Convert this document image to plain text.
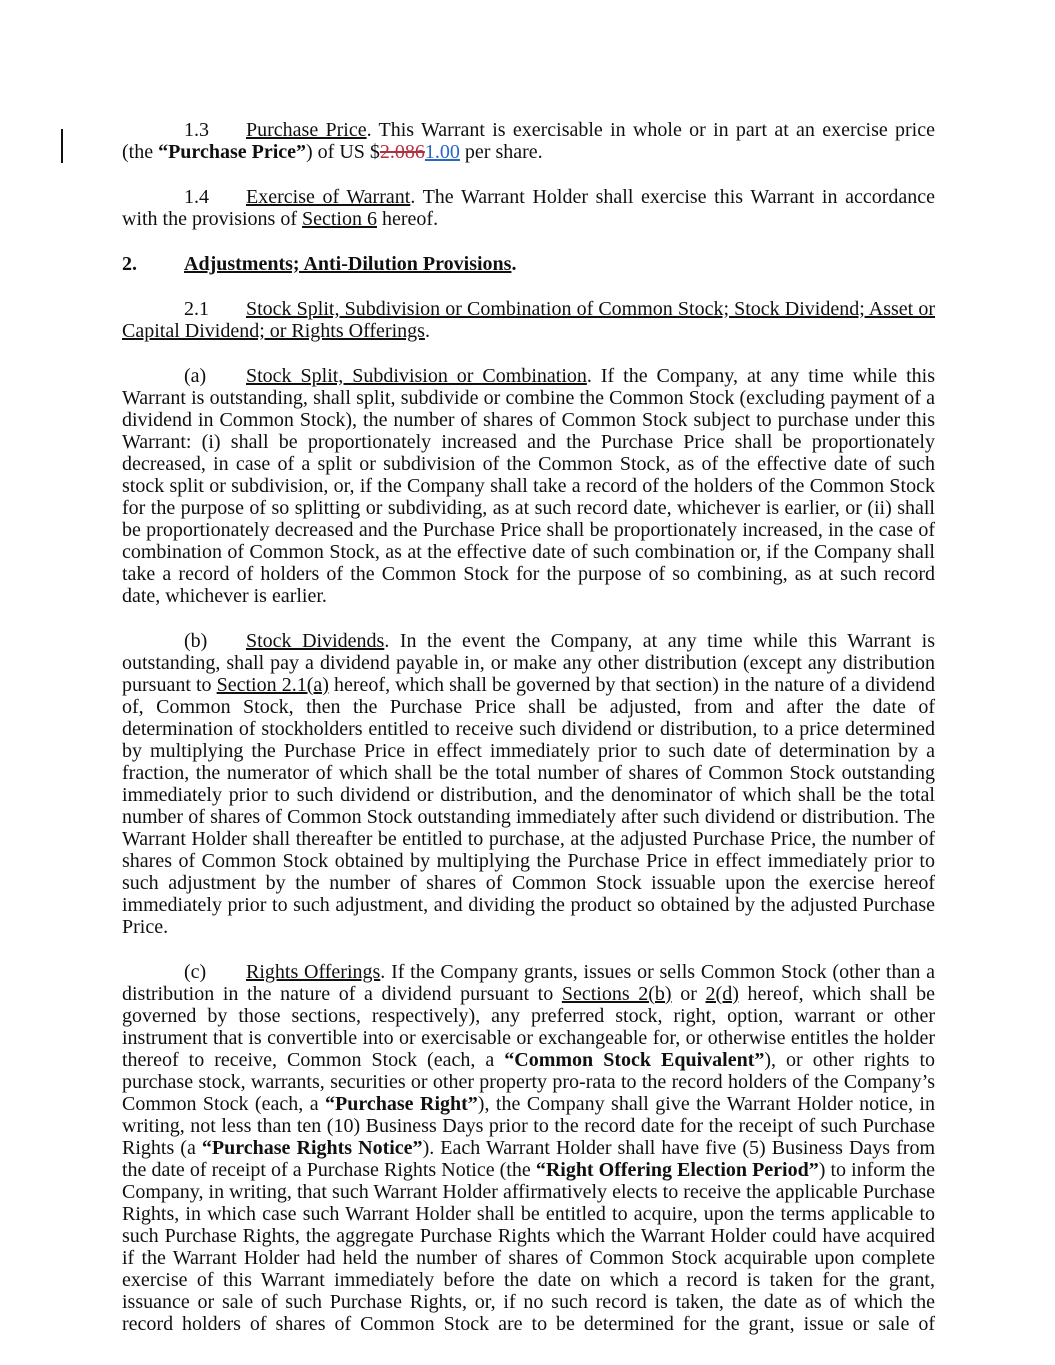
1.3 Purchase Price. This Warrant is exercisable in whole or in part at an exercise price (the “Purchase Price”) of US $2.0861.00 per share.
1.4 Exercise of Warrant. The Warrant Holder shall exercise this Warrant in accordance with the provisions of Section 6 hereof.
2. Adjustments; Anti-Dilution Provisions.
2.1 Stock Split, Subdivision or Combination of Common Stock; Stock Dividend; Asset or Capital Dividend; or Rights Offerings.
(a) Stock Split, Subdivision or Combination. If the Company, at any time while this Warrant is outstanding, shall split, subdivide or combine the Common Stock (excluding payment of a dividend in Common Stock), the number of shares of Common Stock subject to purchase under this Warrant: (i) shall be proportionately increased and the Purchase Price shall be proportionately decreased, in case of a split or subdivision of the Common Stock, as of the effective date of such stock split or subdivision, or, if the Company shall take a record of the holders of the Common Stock for the purpose of so splitting or subdividing, as at such record date, whichever is earlier, or (ii) shall be proportionately decreased and the Purchase Price shall be proportionately increased, in the case of combination of Common Stock, as at the effective date of such combination or, if the Company shall take a record of holders of the Common Stock for the purpose of so combining, as at such record date, whichever is earlier.
(b) Stock Dividends. In the event the Company, at any time while this Warrant is outstanding, shall pay a dividend payable in, or make any other distribution (except any distribution pursuant to Section 2.1(a) hereof, which shall be governed by that section) in the nature of a dividend of, Common Stock, then the Purchase Price shall be adjusted, from and after the date of determination of stockholders entitled to receive such dividend or distribution, to a price determined by multiplying the Purchase Price in effect immediately prior to such date of determination by a fraction, the numerator of which shall be the total number of shares of Common Stock outstanding immediately prior to such dividend or distribution, and the denominator of which shall be the total number of shares of Common Stock outstanding immediately after such dividend or distribution. The Warrant Holder shall thereafter be entitled to purchase, at the adjusted Purchase Price, the number of shares of Common Stock obtained by multiplying the Purchase Price in effect immediately prior to such adjustment by the number of shares of Common Stock issuable upon the exercise hereof immediately prior to such adjustment, and dividing the product so obtained by the adjusted Purchase Price.
(c) Rights Offerings. If the Company grants, issues or sells Common Stock (other than a distribution in the nature of a dividend pursuant to Sections 2(b) or 2(d) hereof, which shall be governed by those sections, respectively), any preferred stock, right, option, warrant or other instrument that is convertible into or exercisable or exchangeable for, or otherwise entitles the holder thereof to receive, Common Stock (each, a “Common Stock Equivalent”), or other rights to purchase stock, warrants, securities or other property pro-rata to the record holders of the Company’s Common Stock (each, a “Purchase Right”), the Company shall give the Warrant Holder notice, in writing, not less than ten (10) Business Days prior to the record date for the receipt of such Purchase Rights (a “Purchase Rights Notice”). Each Warrant Holder shall have five (5) Business Days from the date of receipt of a Purchase Rights Notice (the “Right Offering Election Period”) to inform the Company, in writing, that such Warrant Holder affirmatively elects to receive the applicable Purchase Rights, in which case such Warrant Holder shall be entitled to acquire, upon the terms applicable to such Purchase Rights, the aggregate Purchase Rights which the Warrant Holder could have acquired if the Warrant Holder had held the number of shares of Common Stock acquirable upon complete exercise of this Warrant immediately before the date on which a record is taken for the grant, issuance or sale of such Purchase Rights, or, if no such record is taken, the date as of which the record holders of shares of Common Stock are to be determined for the grant, issue or sale of
